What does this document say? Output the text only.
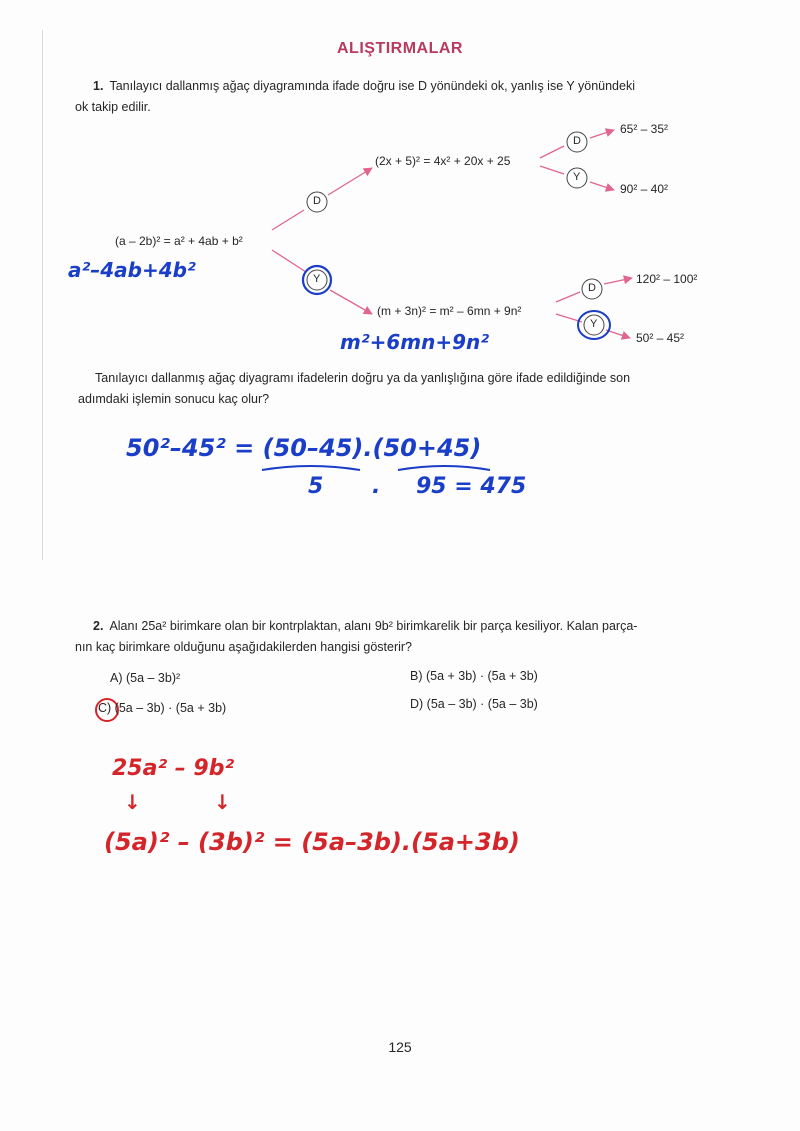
ALIŞTIRMALAR
1. Tanılayıcı dallanmış ağaç diyagramında ifade doğru ise D yönündeki ok, yanlış ise Y yönündeki
ok takip edilir.
D
Y
D
Y
D
Y
(a – 2b)² = a² + 4ab + b²
(2x + 5)² = 4x² + 20x + 25
(m + 3n)² = m² – 6mn + 9n²
65² – 35²
90² – 40²
120² – 100²
50² – 45²
a²–4ab+4b²
m²+6mn+9n²
Tanılayıcı dallanmış ağaç diyagramı ifadelerin doğru ya da yanlışlığına göre ifade edildiğinde son
adımdaki işlemin sonucu kaç olur?
50²–45² = (50–45).(50+45)
5 . 95 = 475
2. Alanı 25a² birimkare olan bir kontrplaktan, alanı 9b² birimkarelik bir parça kesiliyor. Kalan parça-
nın kaç birimkare olduğunu aşağıdakilerden hangisi gösterir?
A) (5a – 3b)²	B) (5a + 3b) · (5a + 3b)
C) (5a – 3b) · (5a + 3b)	D) (5a – 3b) · (5a – 3b)
25a² – 9b²
↓	↓
(5a)² – (3b)² = (5a–3b).(5a+3b)
125
